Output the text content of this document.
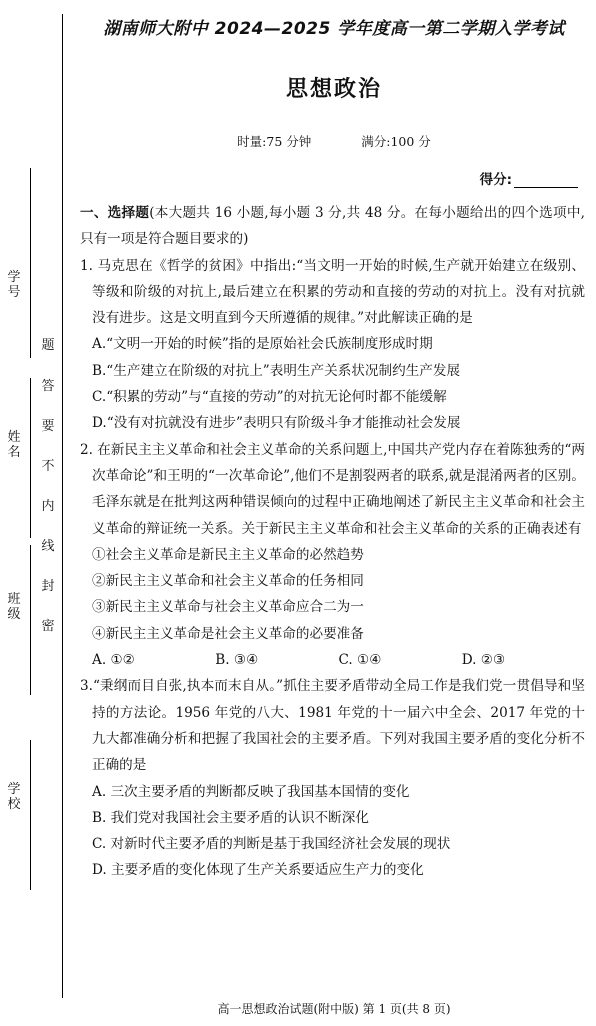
题
答
要
不
内
线
封
密
学号
姓名
班级
学校
湖南师大附中 2024—2025 学年度高一第二学期入学考试
思想政治
时量:75 分钟	满分:100 分
得分:

一、选择题(本大题共 16 小题,每小题 3 分,共 48 分。在每小题给出的四个选项中,只有一项是符合题目要求的)

1. 马克思在《哲学的贫困》中指出:“当文明一开始的时候,生产就开始建立在级别、等级和阶级的对抗上,最后建立在积累的劳动和直接的劳动的对抗上。没有对抗就没有进步。这是文明直到今天所遵循的规律。”对此解读正确的是

A.“文明一开始的时候”指的是原始社会氏族制度形成时期

B.“生产建立在阶级的对抗上”表明生产关系状况制约生产发展

C.“积累的劳动”与“直接的劳动”的对抗无论何时都不能缓解

D.“没有对抗就没有进步”表明只有阶级斗争才能推动社会发展

2. 在新民主主义革命和社会主义革命的关系问题上,中国共产党内存在着陈独秀的“两次革命论”和王明的“一次革命论”,他们不是割裂两者的联系,就是混淆两者的区别。毛泽东就是在批判这两种错误倾向的过程中正确地阐述了新民主主义革命和社会主义革命的辩证统一关系。关于新民主主义革命和社会主义革命的关系的正确表述有

①社会主义革命是新民主主义革命的必然趋势

②新民主主义革命和社会主义革命的任务相同

③新民主主义革命与社会主义革命应合二为一

④新民主主义革命是社会主义革命的必要准备

A. ①②	B. ③④	C. ①④	D. ②③

3.“秉纲而目自张,执本而末自从。”抓住主要矛盾带动全局工作是我们党一贯倡导和坚持的方法论。1956 年党的八大、1981 年党的十一届六中全会、2017 年党的十九大都准确分析和把握了我国社会的主要矛盾。下列对我国主要矛盾的变化分析不正确的是

A. 三次主要矛盾的判断都反映了我国基本国情的变化

B. 我们党对我国社会主要矛盾的认识不断深化

C. 对新时代主要矛盾的判断是基于我国经济社会发展的现状

D. 主要矛盾的变化体现了生产关系要适应生产力的变化

高一思想政治试题(附中版) 第 1 页(共 8 页)
